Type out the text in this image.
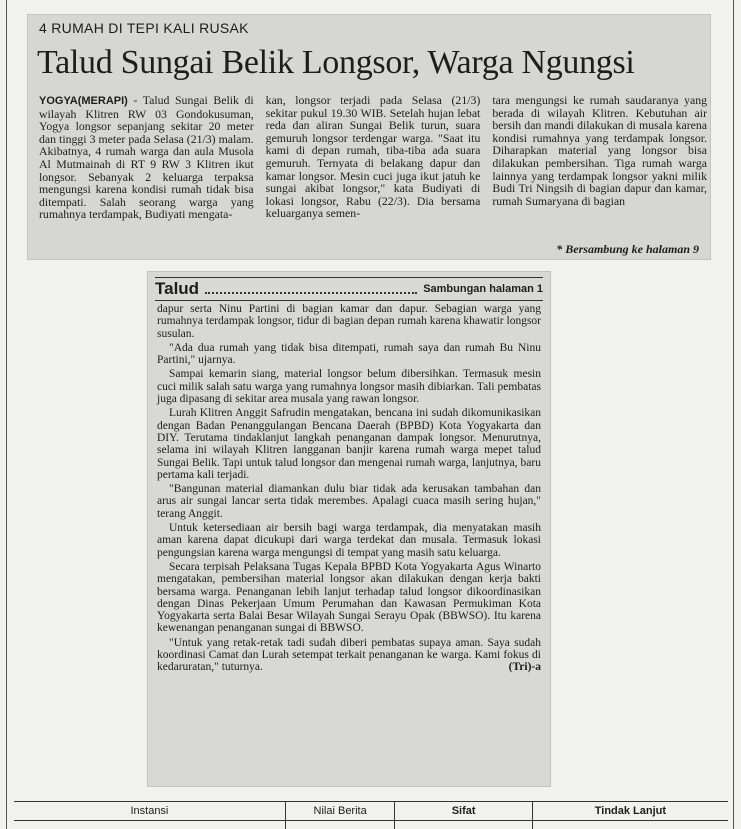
4 RUMAH DI TEPI KALI RUSAK
Talud Sungai Belik Longsor, Warga Ngungsi

YOGYA(MERAPI) - Talud Sungai Belik di wilayah Klitren RW 03 Gondokusuman, Yogya longsor sepanjang sekitar 20 meter dan tinggi 3 meter pada Selasa (21/3) malam. Akibatnya, 4 rumah warga dan aula Musola Al Mutmainah di RT 9 RW 3 Klitren ikut longsor. Sebanyak 2 keluarga terpaksa mengungsi karena kondisi rumah tidak bisa ditempati. Salah seorang warga yang rumahnya terdampak, Budiyati mengata-

kan, longsor terjadi pada Selasa (21/3) sekitar pukul 19.30 WIB. Setelah hujan lebat reda dan aliran Sungai Belik turun, suara gemuruh longsor terdengar warga. "Saat itu kami di depan rumah, tiba-tiba ada suara gemuruh. Ternyata di belakang dapur dan kamar longsor. Mesin cuci juga ikut jatuh ke sungai akibat longsor," kata Budiyati di lokasi longsor, Rabu (22/3). Dia bersama keluarganya semen-

tara mengungsi ke rumah saudaranya yang berada di wilayah Klitren. Kebutuhan air bersih dan mandi dilakukan di musala karena kondisi rumahnya yang terdampak longsor. Diharapkan material yang longsor bisa dilakukan pembersihan. Tiga rumah warga lainnya yang terdampak longsor yakni milik Budi Tri Ningsih di bagian dapur dan kamar, rumah Sumaryana di bagian

* Bersambung ke halaman 9
Talud	Sambungan halaman 1

dapur serta Ninu Partini di bagian kamar dan dapur. Sebagian warga yang rumahnya terdampak longsor, tidur di bagian depan rumah karena khawatir longsor susulan.

"Ada dua rumah yang tidak bisa ditempati, rumah saya dan rumah Bu Ninu Partini," ujarnya.

Sampai kemarin siang, material longsor belum dibersihkan. Termasuk mesin cuci milik salah satu warga yang rumahnya longsor masih dibiarkan. Tali pembatas juga dipasang di sekitar area musala yang rawan longsor.

Lurah Klitren Anggit Safrudin mengatakan, bencana ini sudah dikomunikasikan dengan Badan Penanggulangan Bencana Daerah (BPBD) Kota Yogyakarta dan DIY. Terutama tindaklanjut langkah penanganan dampak longsor. Menurutnya, selama ini wilayah Klitren langganan banjir karena rumah warga mepet talud Sungai Belik. Tapi untuk talud longsor dan mengenai rumah warga, lanjutnya, baru pertama kali terjadi.

"Bangunan material diamankan dulu biar tidak ada kerusakan tambahan dan arus air sungai lancar serta tidak merembes. Apalagi cuaca masih sering hujan," terang Anggit.

Untuk ketersediaan air bersih bagi warga terdampak, dia menyatakan masih aman karena dapat dicukupi dari warga terdekat dan musala. Termasuk lokasi pengungsian karena warga mengungsi di tempat yang masih satu keluarga.

Secara terpisah Pelaksana Tugas Kepala BPBD Kota Yogyakarta Agus Winarto mengatakan, pembersihan material longsor akan dilakukan dengan kerja bakti bersama warga. Penanganan lebih lanjut terhadap talud longsor dikoordinasikan dengan Dinas Pekerjaan Umum Perumahan dan Kawasan Permukiman Kota Yogyakarta serta Balai Besar Wilayah Sungai Serayu Opak (BBWSO). Itu karena kewenangan penanganan sungai di BBWSO.

"Untuk yang retak-retak tadi sudah diberi pembatas supaya aman. Saya sudah koordinasi Camat dan Lurah setempat terkait penanganan ke warga. Kami fokus di kedaruratan," tuturnya.	(Tri)-a

Instansi	Nilai Berita	Sifat	Tindak Lanjut
